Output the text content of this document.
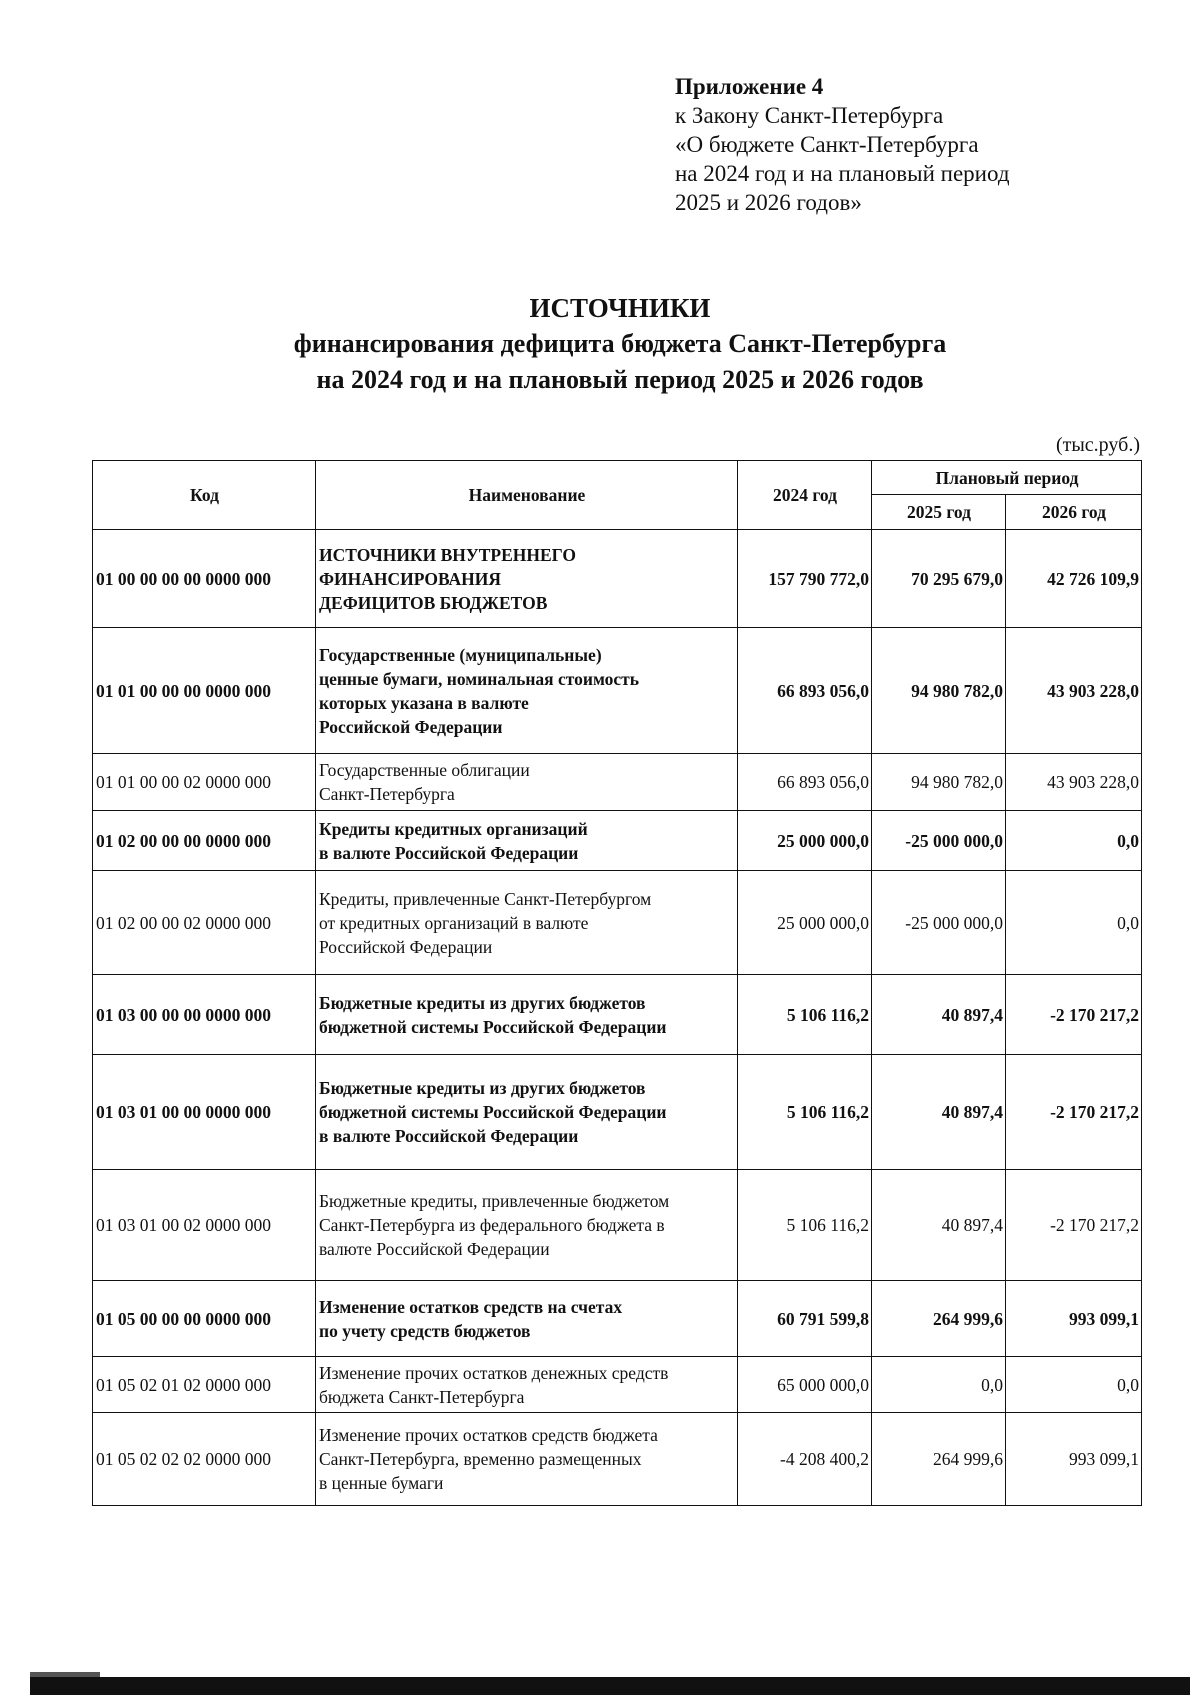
Приложение 4
к Закону Санкт-Петербурга
«О бюджете Санкт-Петербурга
на 2024 год и на плановый период
2025 и 2026 годов»
ИСТОЧНИКИ
финансирования дефицита бюджета Санкт-Петербурга
на 2024 год и на плановый период 2025 и 2026 годов
(тыс.руб.)
Код	Наименование	2024 год	Плановый период	
			2025 год	2026 год
01 00 00 00 00 0000 000	ИСТОЧНИКИ ВНУТРЕННЕГО
ФИНАНСИРОВАНИЯ
ДЕФИЦИТОВ БЮДЖЕТОВ	157 790 772,0	70 295 679,0	42 726 109,9
01 01 00 00 00 0000 000	Государственные (муниципальные)
ценные бумаги, номинальная стоимость
которых указана в валюте
Российской Федерации	66 893 056,0	94 980 782,0	43 903 228,0
01 01 00 00 02 0000 000	Государственные облигации
Санкт-Петербурга	66 893 056,0	94 980 782,0	43 903 228,0
01 02 00 00 00 0000 000	Кредиты кредитных организаций
в валюте Российской Федерации	25 000 000,0	-25 000 000,0	0,0
01 02 00 00 02 0000 000	Кредиты, привлеченные Санкт-Петербургом
от кредитных организаций в валюте
Российской Федерации	25 000 000,0	-25 000 000,0	0,0
01 03 00 00 00 0000 000	Бюджетные кредиты из других бюджетов
бюджетной системы Российской Федерации	5 106 116,2	40 897,4	-2 170 217,2
01 03 01 00 00 0000 000	Бюджетные кредиты из других бюджетов
бюджетной системы Российской Федерации
в валюте Российской Федерации	5 106 116,2	40 897,4	-2 170 217,2
01 03 01 00 02 0000 000	Бюджетные кредиты, привлеченные бюджетом
Санкт-Петербурга из федерального бюджета в
валюте Российской Федерации	5 106 116,2	40 897,4	-2 170 217,2
01 05 00 00 00 0000 000	Изменение остатков средств на счетах
по учету средств бюджетов	60 791 599,8	264 999,6	993 099,1
01 05 02 01 02 0000 000	Изменение прочих остатков денежных средств
бюджета Санкт-Петербурга	65 000 000,0	0,0	0,0
01 05 02 02 02 0000 000	Изменение прочих остатков средств бюджета
Санкт-Петербурга, временно размещенных
в ценные бумаги	-4 208 400,2	264 999,6	993 099,1
